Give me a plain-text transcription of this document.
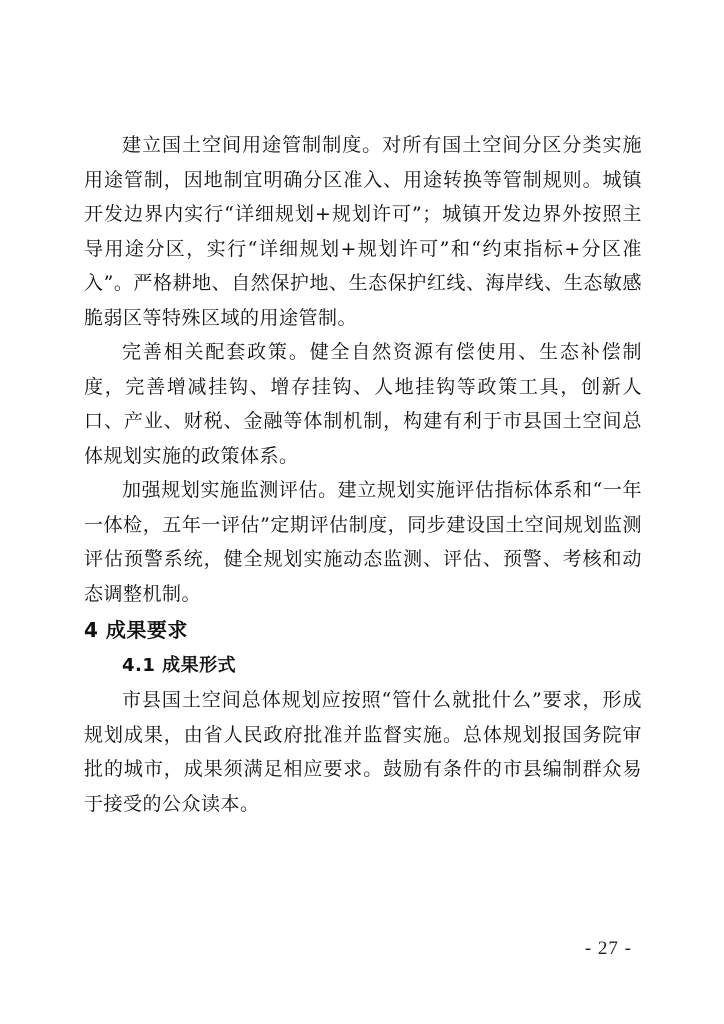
建立国土空间用途管制制度。对所有国土空间分区分类实施用途管制，因地制宜明确分区准入、用途转换等管制规则。城镇开发边界内实行“详细规划+规划许可”；城镇开发边界外按照主导用途分区，实行“详细规划+规划许可”和“约束指标+分区准入”。严格耕地、自然保护地、生态保护红线、海岸线、生态敏感脆弱区等特殊区域的用途管制。

完善相关配套政策。健全自然资源有偿使用、生态补偿制度，完善增减挂钩、增存挂钩、人地挂钩等政策工具，创新人口、产业、财税、金融等体制机制，构建有利于市县国土空间总体规划实施的政策体系。

加强规划实施监测评估。建立规划实施评估指标体系和“一年一体检，五年一评估”定期评估制度，同步建设国土空间规划监测评估预警系统，健全规划实施动态监测、评估、预警、考核和动态调整机制。

4 成果要求
4.1 成果形式

市县国土空间总体规划应按照“管什么就批什么”要求，形成规划成果，由省人民政府批准并监督实施。总体规划报国务院审批的城市，成果须满足相应要求。鼓励有条件的市县编制群众易于接受的公众读本。

- 27 -
